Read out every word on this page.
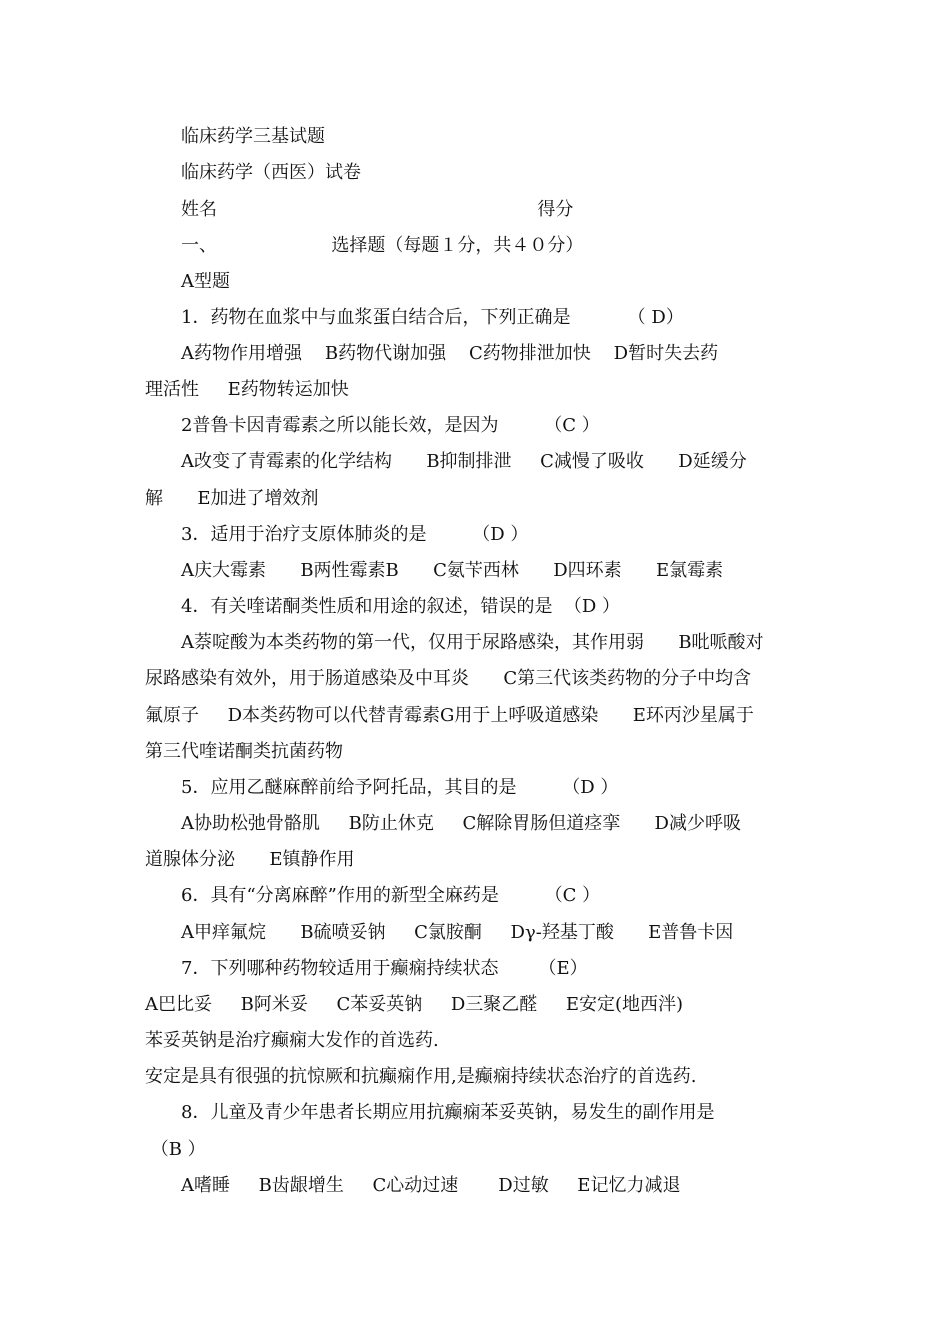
临床药学三基试题

临床药学（西医）试卷

姓名                                                        得分

一、                    选择题（每题１分，共４０分）

A型题

1．药物在血浆中与血浆蛋白结合后，下列正确是          （ D）

A药物作用增强    B药物代谢加强    C药物排泄加快    D暂时失去药

理活性     E药物转运加快

2普鲁卡因青霉素之所以能长效，是因为        （C ）

A改变了青霉素的化学结构      B抑制排泄     C减慢了吸收      D延缓分

解      E加进了增效剂

3．适用于治疗支原体肺炎的是        （D ）

A庆大霉素      B两性霉素B      C氨苄西林      D四环素      E氯霉素

4．有关喹诺酮类性质和用途的叙述，错误的是  （D ）

A萘啶酸为本类药物的第一代，仅用于尿路感染，其作用弱      B吡哌酸对

尿路感染有效外，用于肠道感染及中耳炎      C第三代该类药物的分子中均含

氟原子     D本类药物可以代替青霉素G用于上呼吸道感染      E环丙沙星属于

第三代喹诺酮类抗菌药物

5．应用乙醚麻醉前给予阿托品，其目的是        （D ）

A协助松弛骨骼肌     B防止休克     C解除胃肠但道痉挛      D减少呼吸

道腺体分泌      E镇静作用

6．具有“分离麻醉”作用的新型全麻药是        （C ）

A甲痒氟烷      B硫喷妥钠     C氯胺酮     Dγ-羟基丁酸      E普鲁卡因

7．下列哪种药物较适用于癫痫持续状态       （E）

A巴比妥     B阿米妥     C苯妥英钠     D三聚乙醛     E安定(地西泮)

苯妥英钠是治疗癫痫大发作的首选药.

安定是具有很强的抗惊厥和抗癫痫作用,是癫痫持续状态治疗的首选药.

8．儿童及青少年患者长期应用抗癫痫苯妥英钠，易发生的副作用是

（B ）

A嗜睡     B齿龈增生     C心动过速       D过敏     E记忆力减退
